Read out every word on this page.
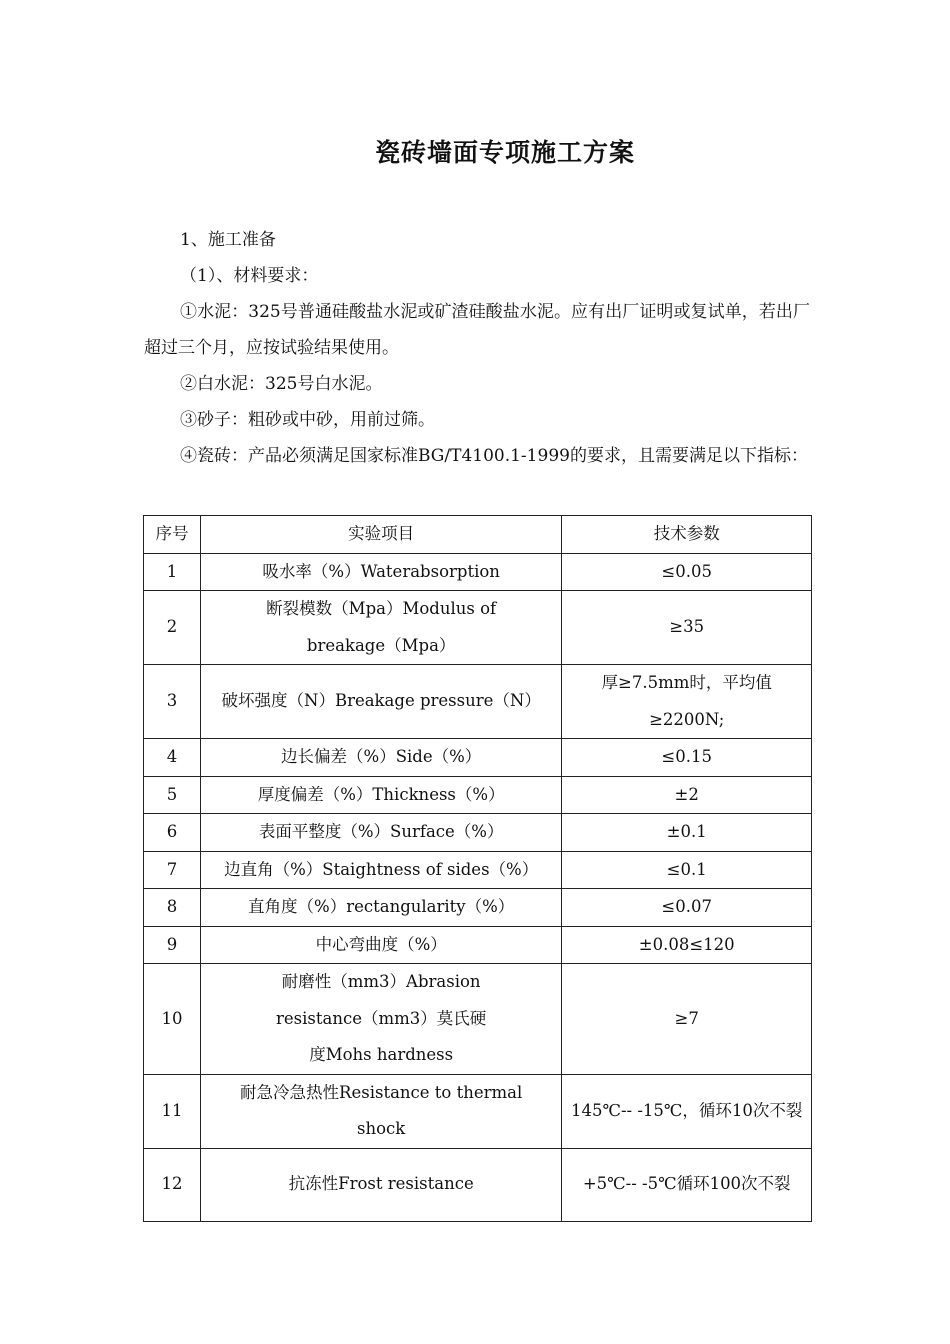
瓷砖墙面专项施工方案
1、施工准备
（1）、材料要求：
①水泥：325号普通硅酸盐水泥或矿渣硅酸盐水泥。应有出厂证明或复试单，若出厂超过三个月，应按试验结果使用。
②白水泥：325号白水泥。
③砂子：粗砂或中砂，用前过筛。
④瓷砖：产品必须满足国家标准BG/T4100.1-1999的要求，且需要满足以下指标：
序号	实验项目	技术参数
1	吸水率（%）Waterabsorption	≤0.05
2	断裂模数（Mpa）Modulus of breakage（Mpa）	≥35
3	破坏强度（N）Breakage pressure（N）	厚≥7.5mm时，平均值≥2200N;
4	边长偏差（%）Side（%）	≤0.15
5	厚度偏差（%）Thickness（%）	±2
6	表面平整度（%）Surface（%）	±0.1
7	边直角（%）Staightness of sides（%）	≤0.1
8	直角度（%）rectangularity（%）	≤0.07
9	中心弯曲度（%）	±0.08≤120
10	耐磨性（mm3）Abrasion resistance（mm3）莫氏硬度Mohs hardness	≥7
11	耐急冷急热性Resistance to thermal shock	145℃-- -15℃，循环10次不裂
12	抗冻性Frost resistance	+5℃-- -5℃循环100次不裂
